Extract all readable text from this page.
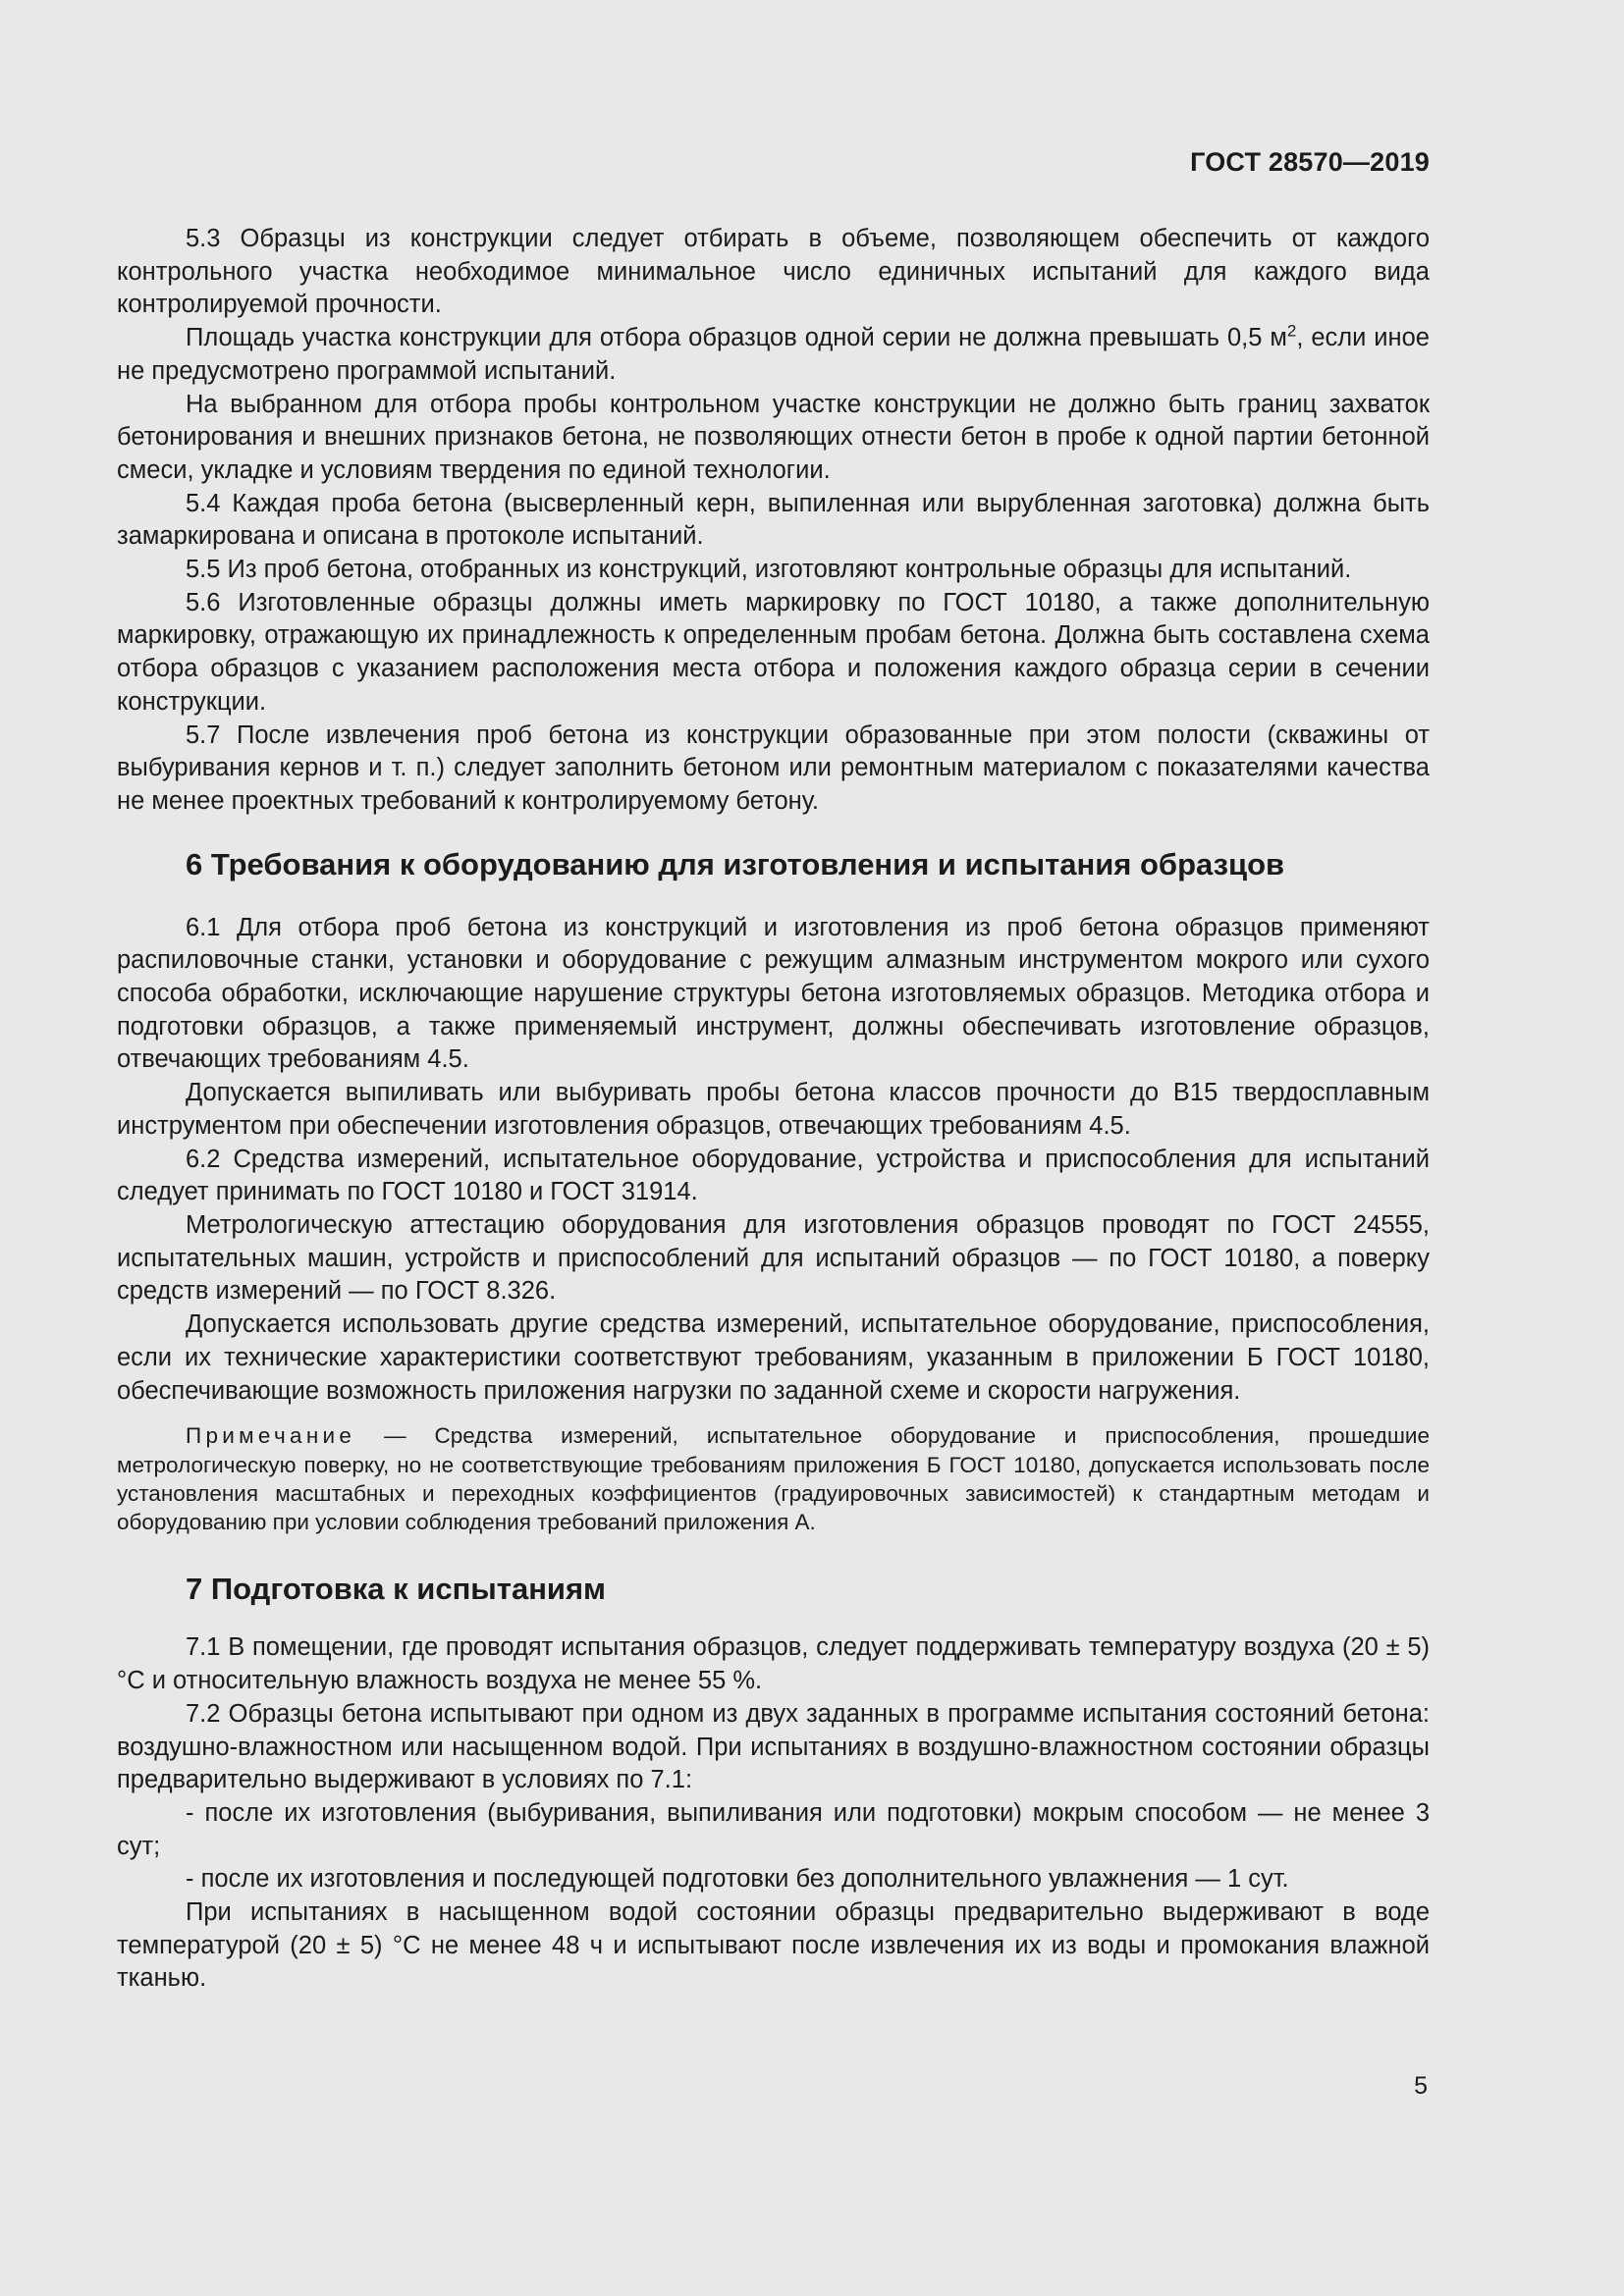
ГОСТ 28570—2019

5.3 Образцы из конструкции следует отбирать в объеме, позволяющем обеспечить от каждого контрольного участка необходимое минимальное число единичных испытаний для каждого вида контролируемой прочности.

Площадь участка конструкции для отбора образцов одной серии не должна превышать 0,5 $м^2$, если иное не предусмотрено программой испытаний.

На выбранном для отбора пробы контрольном участке конструкции не должно быть границ захваток бетонирования и внешних признаков бетона, не позволяющих отнести бетон в пробе к одной партии бетонной смеси, укладке и условиям твердения по единой технологии.

5.4 Каждая проба бетона (высверленный керн, выпиленная или вырубленная заготовка) должна быть замаркирована и описана в протоколе испытаний.

5.5 Из проб бетона, отобранных из конструкций, изготовляют контрольные образцы для испытаний.

5.6 Изготовленные образцы должны иметь маркировку по ГОСТ 10180, а также дополнительную маркировку, отражающую их принадлежность к определенным пробам бетона. Должна быть составлена схема отбора образцов с указанием расположения места отбора и положения каждого образца серии в сечении конструкции.

5.7 После извлечения проб бетона из конструкции образованные при этом полости (скважины от выбуривания кернов и т. п.) следует заполнить бетоном или ремонтным материалом с показателями качества не менее проектных требований к контролируемому бетону.

6 Требования к оборудованию для изготовления и испытания образцов

6.1 Для отбора проб бетона из конструкций и изготовления из проб бетона образцов применяют распиловочные станки, установки и оборудование с режущим алмазным инструментом мокрого или сухого способа обработки, исключающие нарушение структуры бетона изготовляемых образцов. Методика отбора и подготовки образцов, а также применяемый инструмент, должны обеспечивать изготовление образцов, отвечающих требованиям 4.5.

Допускается выпиливать или выбуривать пробы бетона классов прочности до В15 твердосплавным инструментом при обеспечении изготовления образцов, отвечающих требованиям 4.5.

6.2 Средства измерений, испытательное оборудование, устройства и приспособления для испытаний следует принимать по ГОСТ 10180 и ГОСТ 31914.

Метрологическую аттестацию оборудования для изготовления образцов проводят по ГОСТ 24555, испытательных машин, устройств и приспособлений для испытаний образцов — по ГОСТ 10180, а поверку средств измерений — по ГОСТ 8.326.

Допускается использовать другие средства измерений, испытательное оборудование, приспособления, если их технические характеристики соответствуют требованиям, указанным в приложении Б ГОСТ 10180, обеспечивающие возможность приложения нагрузки по заданной схеме и скорости нагружения.

Примечание — Средства измерений, испытательное оборудование и приспособления, прошедшие метрологическую поверку, но не соответствующие требованиям приложения Б ГОСТ 10180, допускается использовать после установления масштабных и переходных коэффициентов (градуировочных зависимостей) к стандартным методам и оборудованию при условии соблюдения требований приложения А.

7 Подготовка к испытаниям

7.1 В помещении, где проводят испытания образцов, следует поддерживать температуру воздуха (20 ± 5) °C и относительную влажность воздуха не менее 55 %.

7.2 Образцы бетона испытывают при одном из двух заданных в программе испытания состояний бетона: воздушно-влажностном или насыщенном водой. При испытаниях в воздушно-влажностном состоянии образцы предварительно выдерживают в условиях по 7.1:

- после их изготовления (выбуривания, выпиливания или подготовки) мокрым способом — не менее 3 сут;

- после их изготовления и последующей подготовки без дополнительного увлажнения — 1 сут.

При испытаниях в насыщенном водой состоянии образцы предварительно выдерживают в воде температурой (20 ± 5) °C не менее 48 ч и испытывают после извлечения их из воды и промокания влажной тканью.

5
